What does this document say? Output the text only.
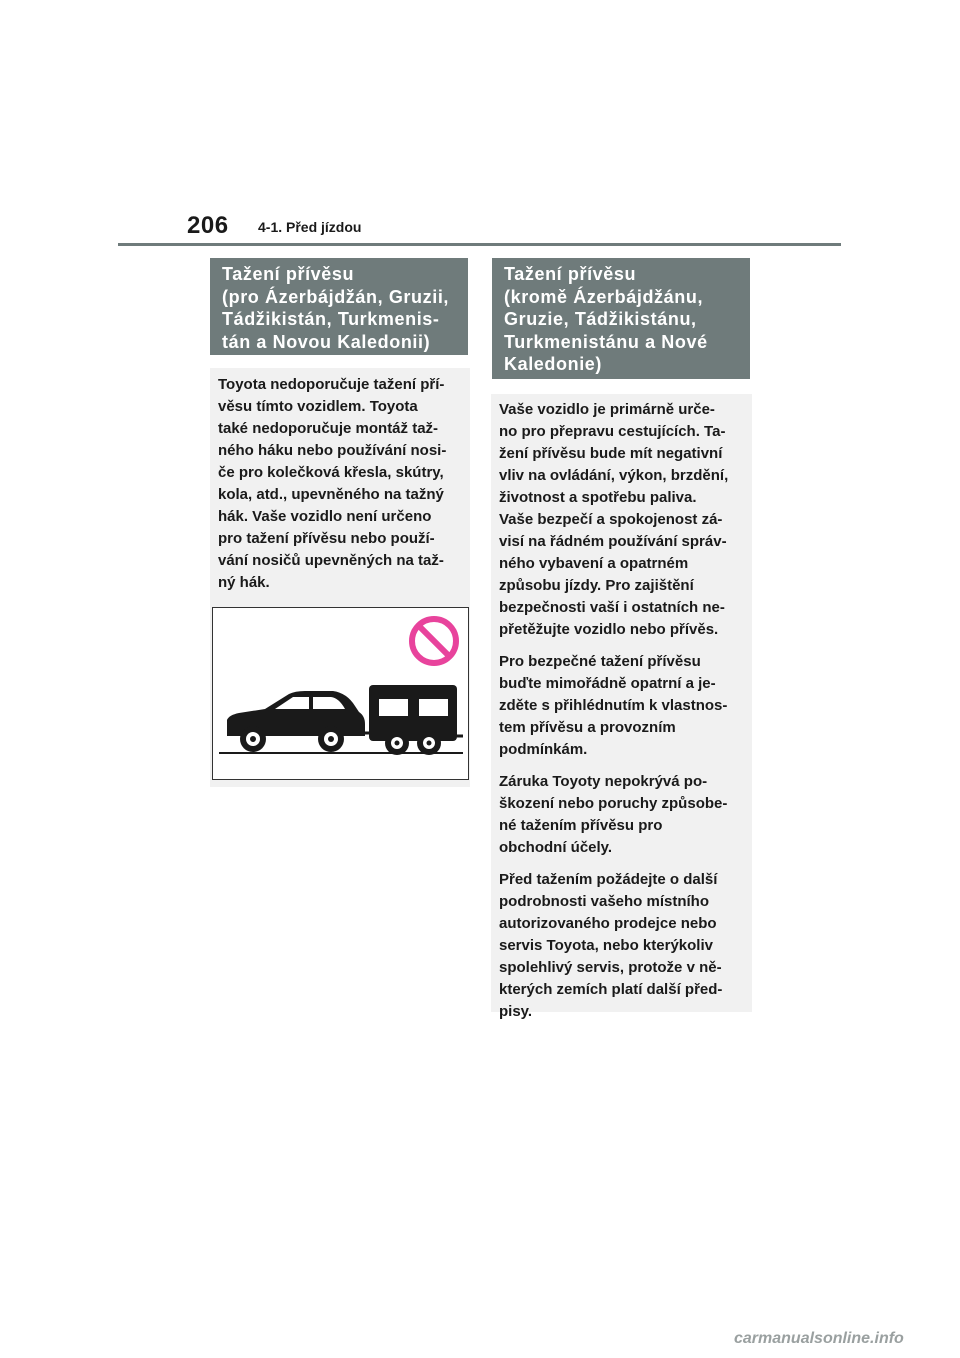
206 4-1. Před jízdou
Tažení přívěsu
(pro Ázerbájdžán, Gruzii,
Tádžikistán, Turkmenis-
tán a Novou Kaledonii)

Toyota nedoporučuje tažení pří-
věsu tímto vozidlem. Toyota
také nedoporučuje montáž taž-
ného háku nebo používání nosi-
če pro kolečková křesla, skútry,
kola, atd., upevněného na tažný
hák. Vaše vozidlo není určeno
pro tažení přívěsu nebo použí-
vání nosičů upevněných na taž-
ný hák.

Tažení přívěsu
(kromě Ázerbájdžánu,
Gruzie, Tádžikistánu,
Turkmenistánu a Nové
Kaledonie)

Vaše vozidlo je primárně urče-
no pro přepravu cestujících. Ta-
žení přívěsu bude mít negativní
vliv na ovládání, výkon, brzdění,
životnost a spotřebu paliva.
Vaše bezpečí a spokojenost zá-
visí na řádném používání správ-
ného vybavení a opatrném
způsobu jízdy. Pro zajištění
bezpečnosti vaší i ostatních ne-
přetěžujte vozidlo nebo přívěs.

Pro bezpečné tažení přívěsu
buďte mimořádně opatrní a je-
zděte s přihlédnutím k vlastnos-
tem přívěsu a provozním
podmínkám.

Záruka Toyoty nepokrývá po-
škození nebo poruchy způsobe-
né tažením přívěsu pro
obchodní účely.

Před tažením požádejte o další
podrobnosti vašeho místního
autorizovaného prodejce nebo
servis Toyota, nebo kterýkoliv
spolehlivý servis, protože v ně-
kterých zemích platí další před-
pisy.

carmanualsonline.info
